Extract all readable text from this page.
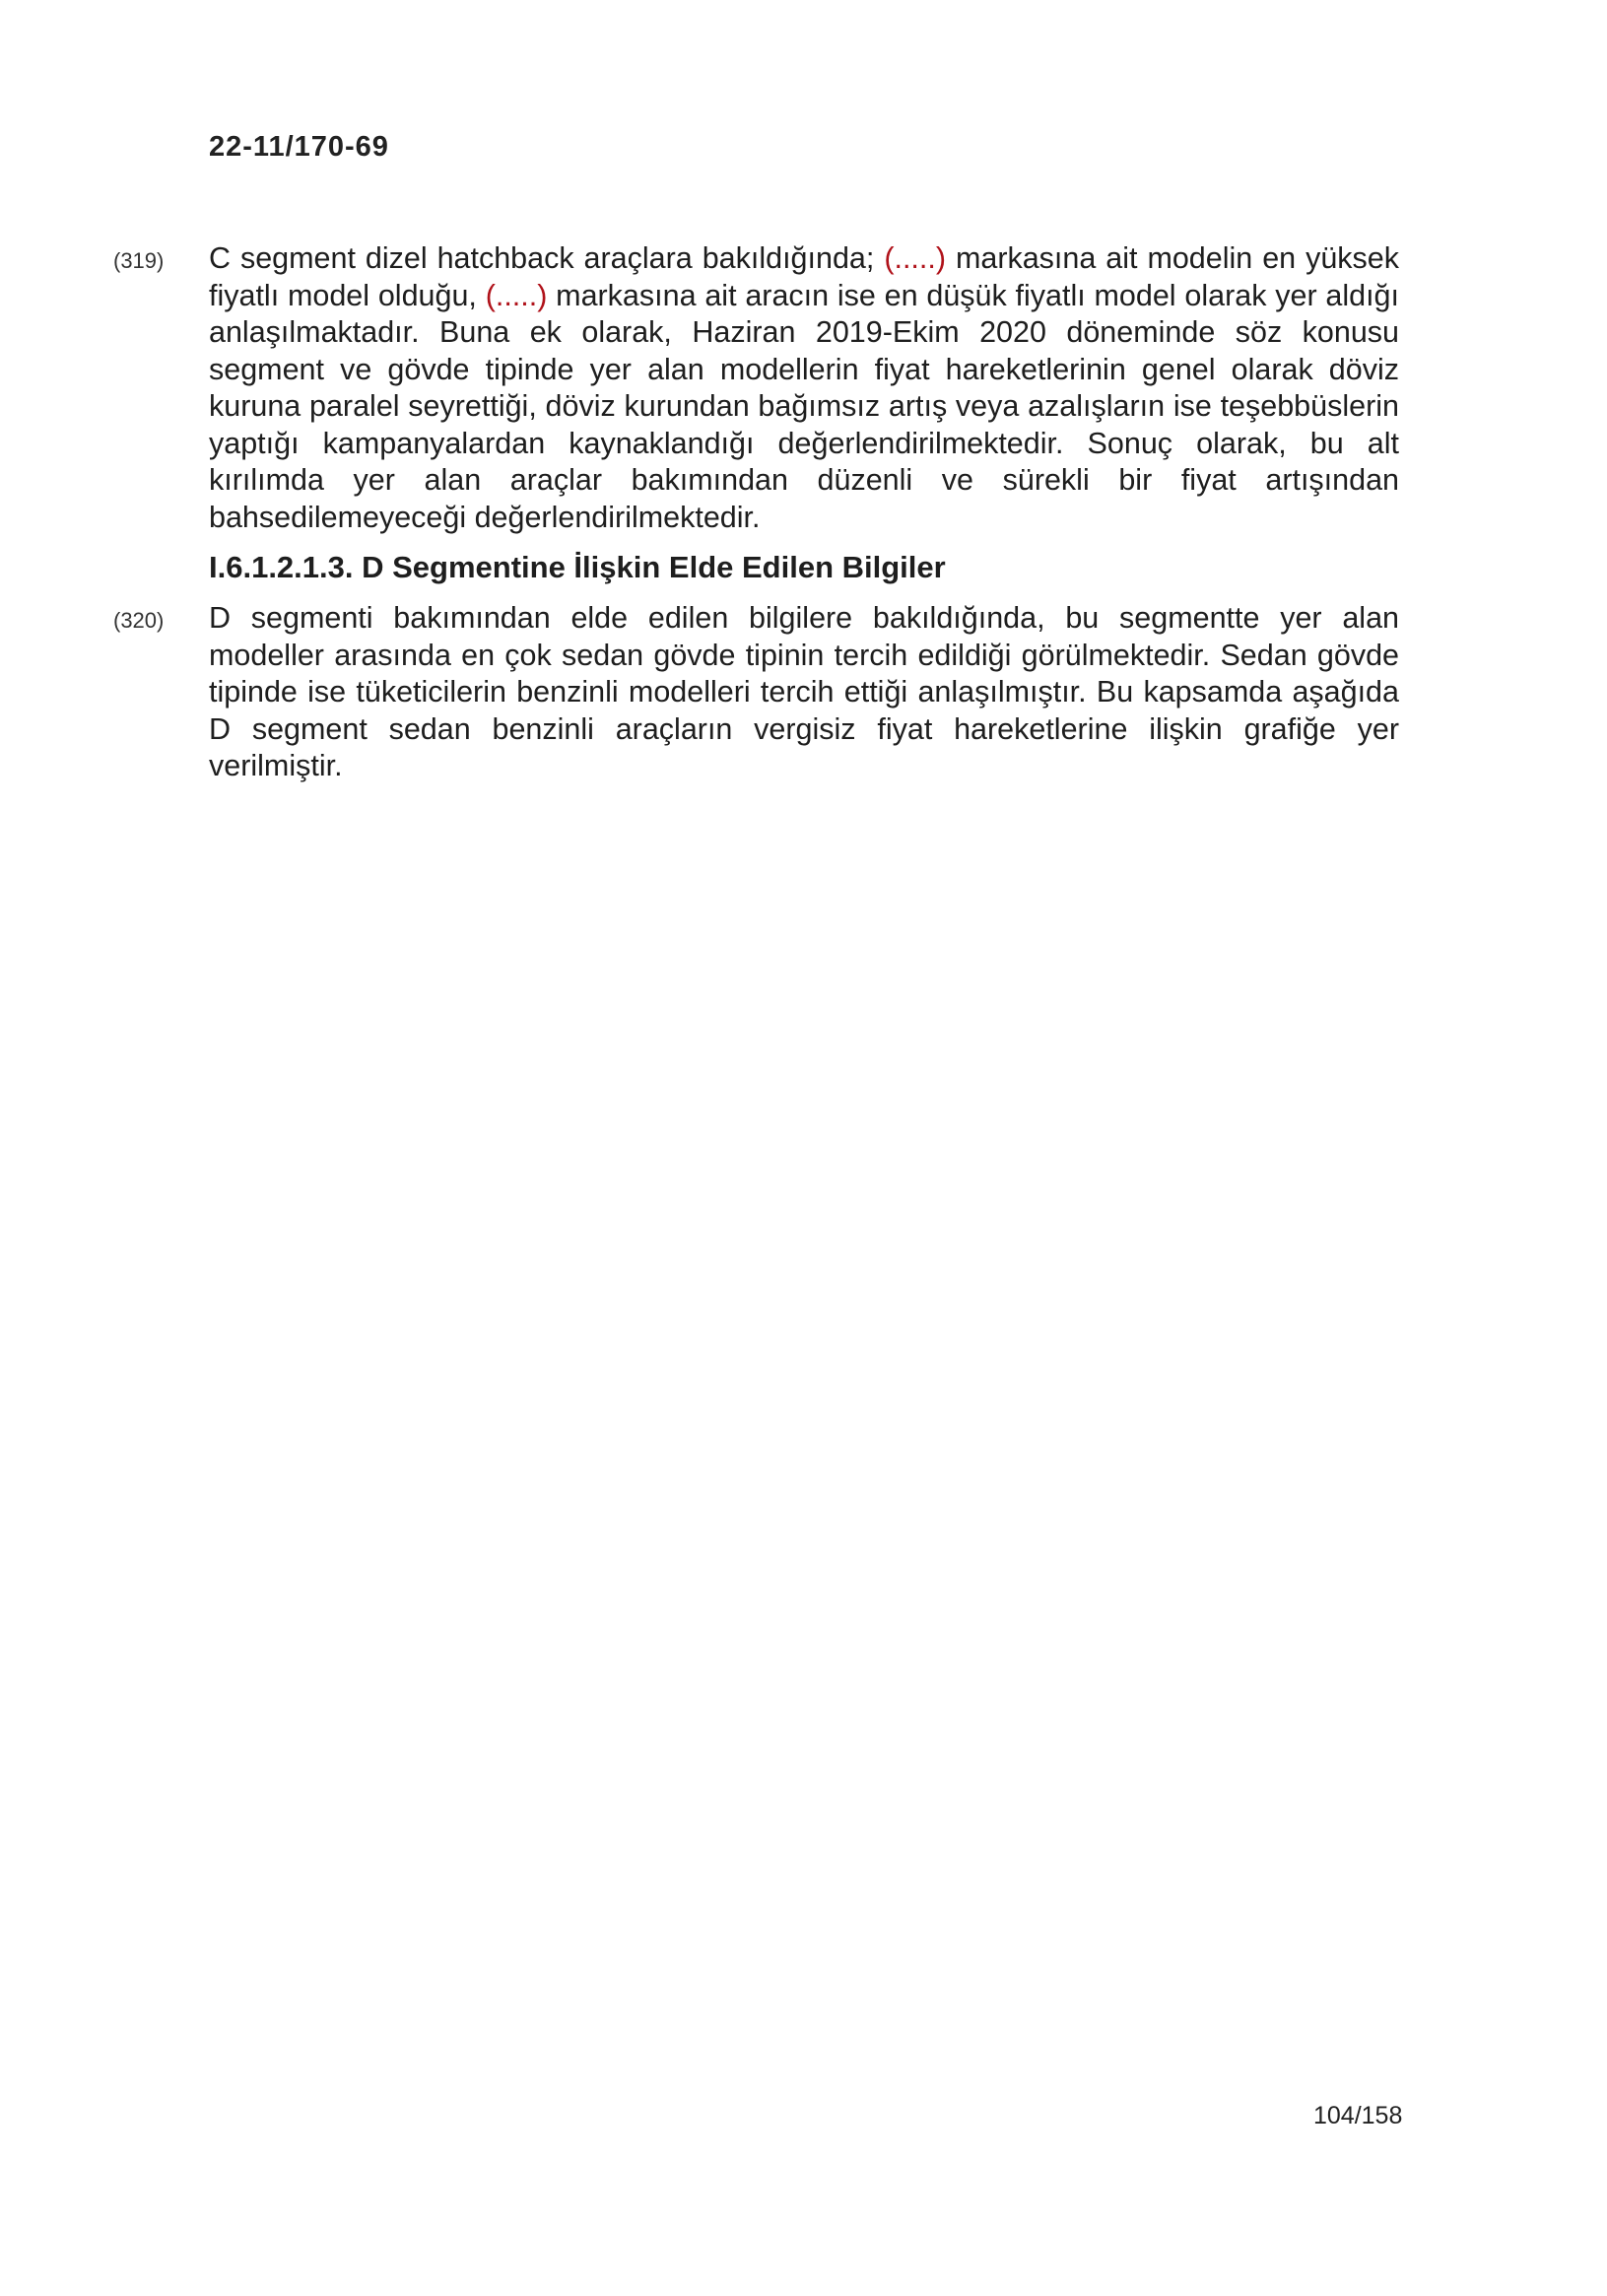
22-11/170-69
(319) C segment dizel hatchback araçlara bakıldığında; (.....) markasına ait modelin en yüksek fiyatlı model olduğu, (.....) markasına ait aracın ise en düşük fiyatlı model olarak yer aldığı anlaşılmaktadır. Buna ek olarak, Haziran 2019-Ekim 2020 döneminde söz konusu segment ve gövde tipinde yer alan modellerin fiyat hareketlerinin genel olarak döviz kuruna paralel seyrettiği, döviz kurundan bağımsız artış veya azalışların ise teşebbüslerin yaptığı kampanyalardan kaynaklandığı değerlendirilmektedir. Sonuç olarak, bu alt kırılımda yer alan araçlar bakımından düzenli ve sürekli bir fiyat artışından bahsedilemeyeceği değerlendirilmektedir.
I.6.1.2.1.3. D Segmentine İlişkin Elde Edilen Bilgiler
(320) D segmenti bakımından elde edilen bilgilere bakıldığında, bu segmentte yer alan modeller arasında en çok sedan gövde tipinin tercih edildiği görülmektedir. Sedan gövde tipinde ise tüketicilerin benzinli modelleri tercih ettiği anlaşılmıştır. Bu kapsamda aşağıda D segment sedan benzinli araçların vergisiz fiyat hareketlerine ilişkin grafiğe yer verilmiştir.
104/158
